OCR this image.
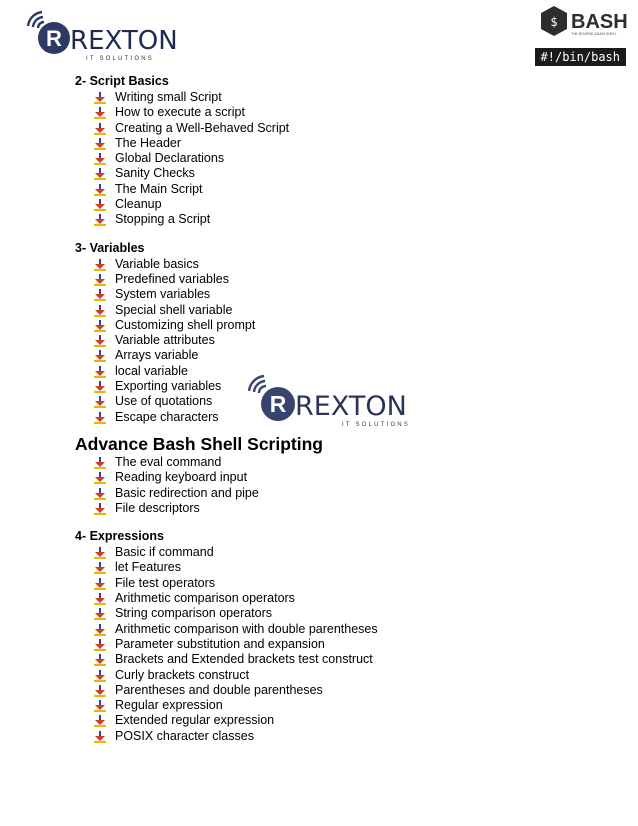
R REXTON
IT SOLUTIONS
$ BASH
THE BOURNE-AGAIN SHELL
#!/bin/bash
R REXTON
IT SOLUTIONS
2- Script Basics
Writing small Script
How to execute a script
Creating a Well-Behaved Script
The Header
Global Declarations
Sanity Checks
The Main Script
Cleanup
Stopping a Script
3- Variables
Variable basics
Predefined variables
System variables
Special shell variable
Customizing shell prompt
Variable attributes
Arrays variable
local variable
Exporting variables
Use of quotations
Escape characters
Advance Bash Shell Scripting
The eval command
Reading keyboard input
Basic redirection and pipe
File descriptors
4- Expressions
Basic if command
let Features
File test operators
Arithmetic comparison operators
String comparison operators
Arithmetic comparison with double parentheses
Parameter substitution and expansion
Brackets and Extended brackets test construct
Curly brackets construct
Parentheses and double parentheses
Regular expression
Extended regular expression
POSIX character classes
